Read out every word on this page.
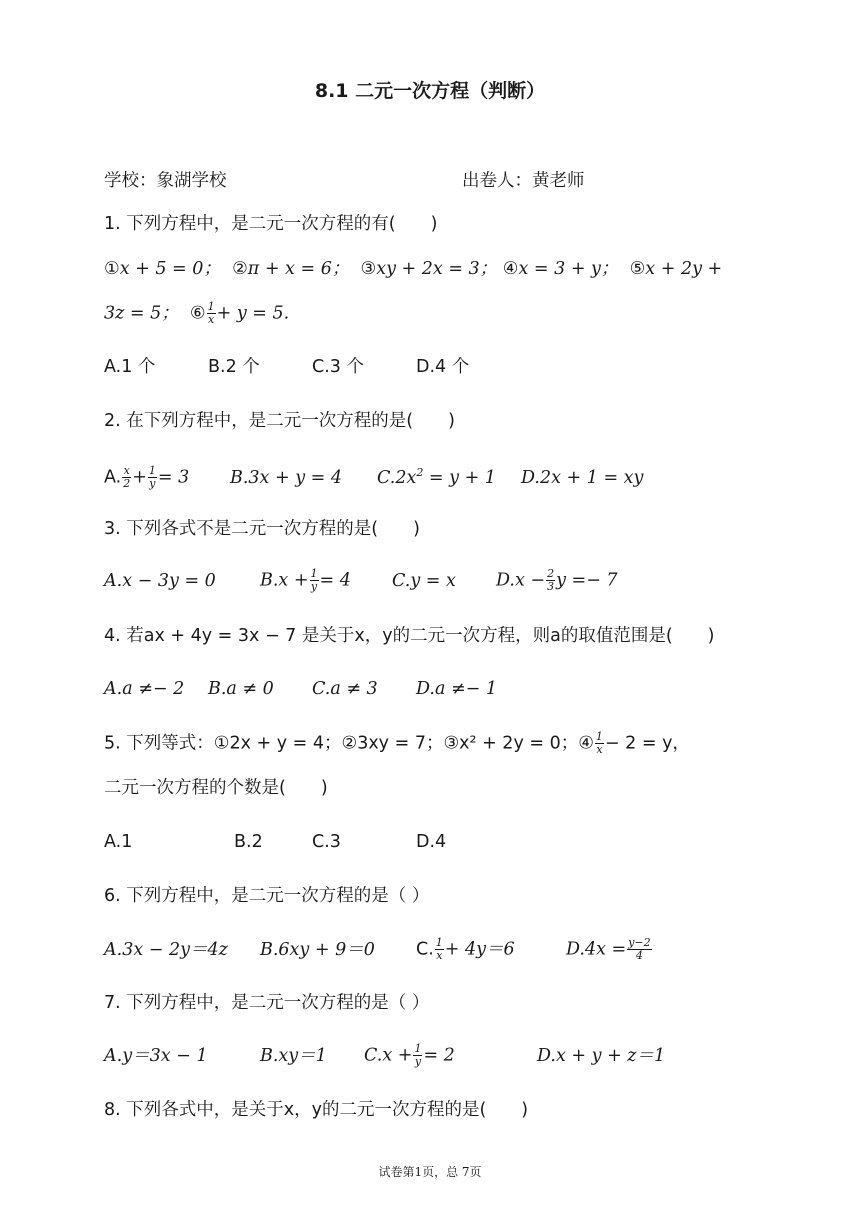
8.1 二元一次方程（判断）
学校：象湖学校	出卷人：黄老师
1. 下列方程中，是二元一次方程的有(　　)
①x + 5 = 0； ②π + x = 6； ③xy + 2x = 3； ④x = 3 + y； ⑤x + 2y +
3z = 5； ⑥ $\frac{1}{x} + y = 5$.
A.1 个	B.2 个	C.3 个	D.4 个
2. 在下列方程中，是二元一次方程的是(　　)
A. $\frac{x}{2} + \frac{1}{y} = 3$ B.3x + y = 4 $C.2x^2 = y + 1$ D.2x + 1 = xy
3. 下列各式不是二元一次方程的是(　　)
A.x − 3y = 0	$B.x + \frac{1}{y} = 4$ C.y = x $D.x - \frac{2}{3}$ y =− 7
4. 若ax + 4y = 3x − 7 是关于x，y的二元一次方程，则a的取值范围是(　　)
A.a ≠− 2 B.a ≠ 0 C.a ≠ 3 D.a ≠− 1
5. 下列等式：①2x + y = 4；②3xy = 7；③x² + 2y = 0；④ $\frac{1}{x} - 2 = y$，
二元一次方程的个数是(　　)
A.1	B.2	C.3	D.4
6. 下列方程中，是二元一次方程的是（ ）
A.3x − 2y＝4z B.6xy + 9＝0 C. $\frac{1}{x} + 4y=6$	$D.4x = \frac{y-2}{4}$
7. 下列方程中，是二元一次方程的是（ ）
A.y＝3x − 1	B.xy＝1 $C.x + \frac{1}{y} = 2$	D.x + y + z＝1
8. 下列各式中，是关于x，y的二元一次方程的是(　　)
试卷第1页，总 7页
